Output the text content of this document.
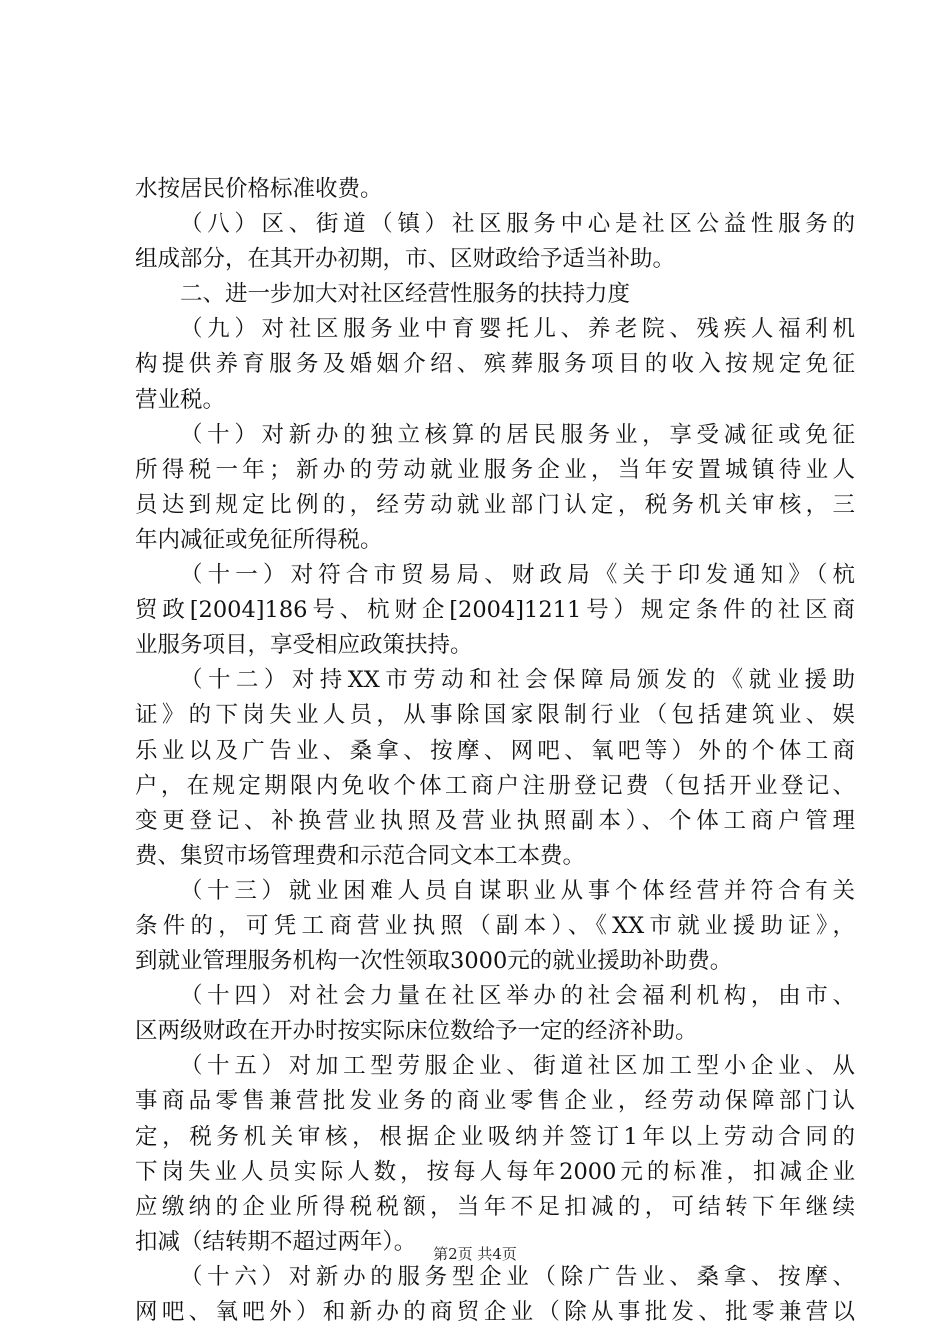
水按居民价格标准收费。
（八）区、街道（镇）社区服务中心是社区公益性服务的
组成部分，在其开办初期，市、区财政给予适当补助。
二、进一步加大对社区经营性服务的扶持力度
（九）对社区服务业中育婴托儿、养老院、残疾人福利机
构提供养育服务及婚姻介绍、殡葬服务项目的收入按规定免征
营业税。
（十）对新办的独立核算的居民服务业，享受减征或免征
所得税一年；新办的劳动就业服务企业，当年安置城镇待业人
员达到规定比例的，经劳动就业部门认定，税务机关审核，三
年内减征或免征所得税。
（十一）对符合市贸易局、财政局《关于印发通知》（杭
贸政[2004]186号、杭财企[2004]1211号）规定条件的社区商
业服务项目，享受相应政策扶持。
（十二）对持XX市劳动和社会保障局颁发的《就业援助
证》的下岗失业人员，从事除国家限制行业（包括建筑业、娱
乐业以及广告业、桑拿、按摩、网吧、氧吧等）外的个体工商
户，在规定期限内免收个体工商户注册登记费（包括开业登记、
变更登记、补换营业执照及营业执照副本）、个体工商户管理
费、集贸市场管理费和示范合同文本工本费。
（十三）就业困难人员自谋职业从事个体经营并符合有关
条件的，可凭工商营业执照（副本）、《XX市就业援助证》，
到就业管理服务机构一次性领取3000元的就业援助补助费。
（十四）对社会力量在社区举办的社会福利机构，由市、
区两级财政在开办时按实际床位数给予一定的经济补助。
（十五）对加工型劳服企业、街道社区加工型小企业、从
事商品零售兼营批发业务的商业零售企业，经劳动保障部门认
定，税务机关审核，根据企业吸纳并签订1年以上劳动合同的
下岗失业人员实际人数，按每人每年2000元的标准，扣减企业
应缴纳的企业所得税税额，当年不足扣减的，可结转下年继续
扣减（结转期不超过两年）。
（十六）对新办的服务型企业（除广告业、桑拿、按摩、
网吧、氧吧外）和新办的商贸企业（除从事批发、批零兼营以
第2页 共4页
